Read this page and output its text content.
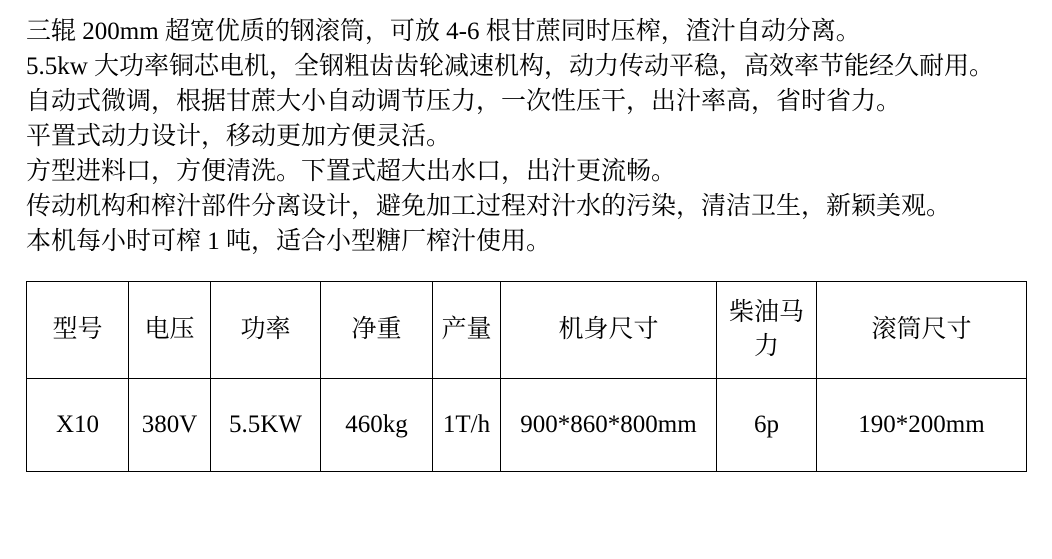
三辊 200mm 超宽优质的钢滚筒，可放 4-6 根甘蔗同时压榨，渣汁自动分离。

5.5kw 大功率铜芯电机，全钢粗齿齿轮减速机构，动力传动平稳，高效率节能经久耐用。

自动式微调，根据甘蔗大小自动调节压力，一次性压干，出汁率高，省时省力。

平置式动力设计，移动更加方便灵活。

方型进料口，方便清洗。下置式超大出水口，出汁更流畅。

传动机构和榨汁部件分离设计，避免加工过程对汁水的污染，清洁卫生，新颖美观。

本机每小时可榨 1 吨，适合小型糖厂榨汁使用。

型号	电压	功率	净重	产量	机身尺寸	柴油马力	滚筒尺寸
X10	380V	5.5KW	460kg	1T/h	900*860*800mm	6p	190*200mm
